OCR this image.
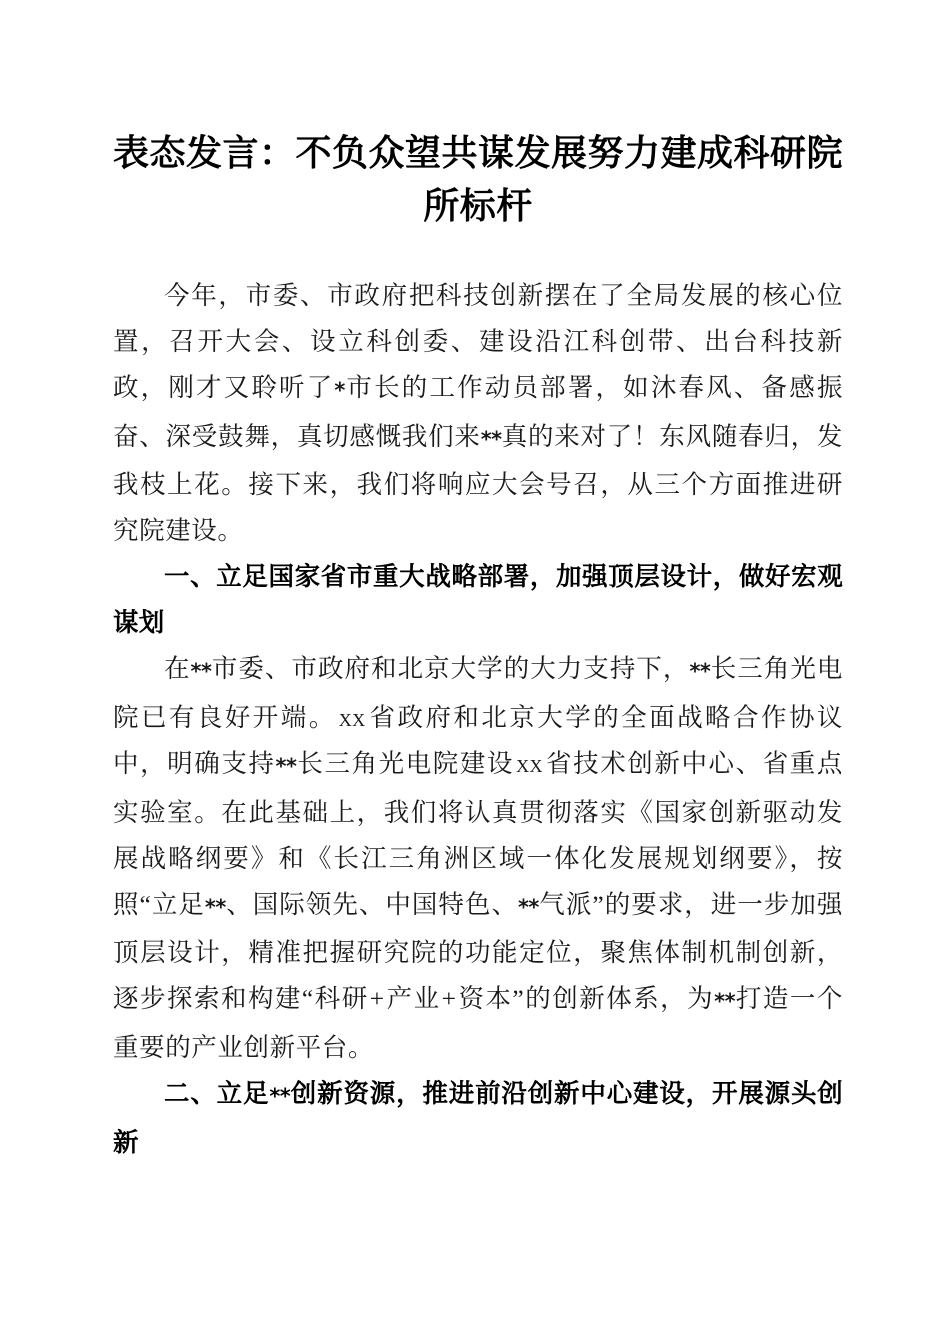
表态发言：不负众望共谋发展努力建成科研院所标杆

今年，市委、市政府把科技创新摆在了全局发展的核心位置，召开大会、设立科创委、建设沿江科创带、出台科技新政，刚才又聆听了*市长的工作动员部署，如沐春风、备感振奋、深受鼓舞，真切感慨我们来**真的来对了！东风随春归，发我枝上花。接下来，我们将响应大会号召，从三个方面推进研究院建设。

一、立足国家省市重大战略部署，加强顶层设计，做好宏观谋划

在**市委、市政府和北京大学的大力支持下，**长三角光电院已有良好开端。xx省政府和北京大学的全面战略合作协议中，明确支持**长三角光电院建设xx省技术创新中心、省重点实验室。在此基础上，我们将认真贯彻落实《国家创新驱动发展战略纲要》和《长江三角洲区域一体化发展规划纲要》，按照“立足**、国际领先、中国特色、**气派”的要求，进一步加强顶层设计，精准把握研究院的功能定位，聚焦体制机制创新，逐步探索和构建“科研+产业+资本”的创新体系，为**打造一个重要的产业创新平台。

二、立足**创新资源，推进前沿创新中心建设，开展源头创新
